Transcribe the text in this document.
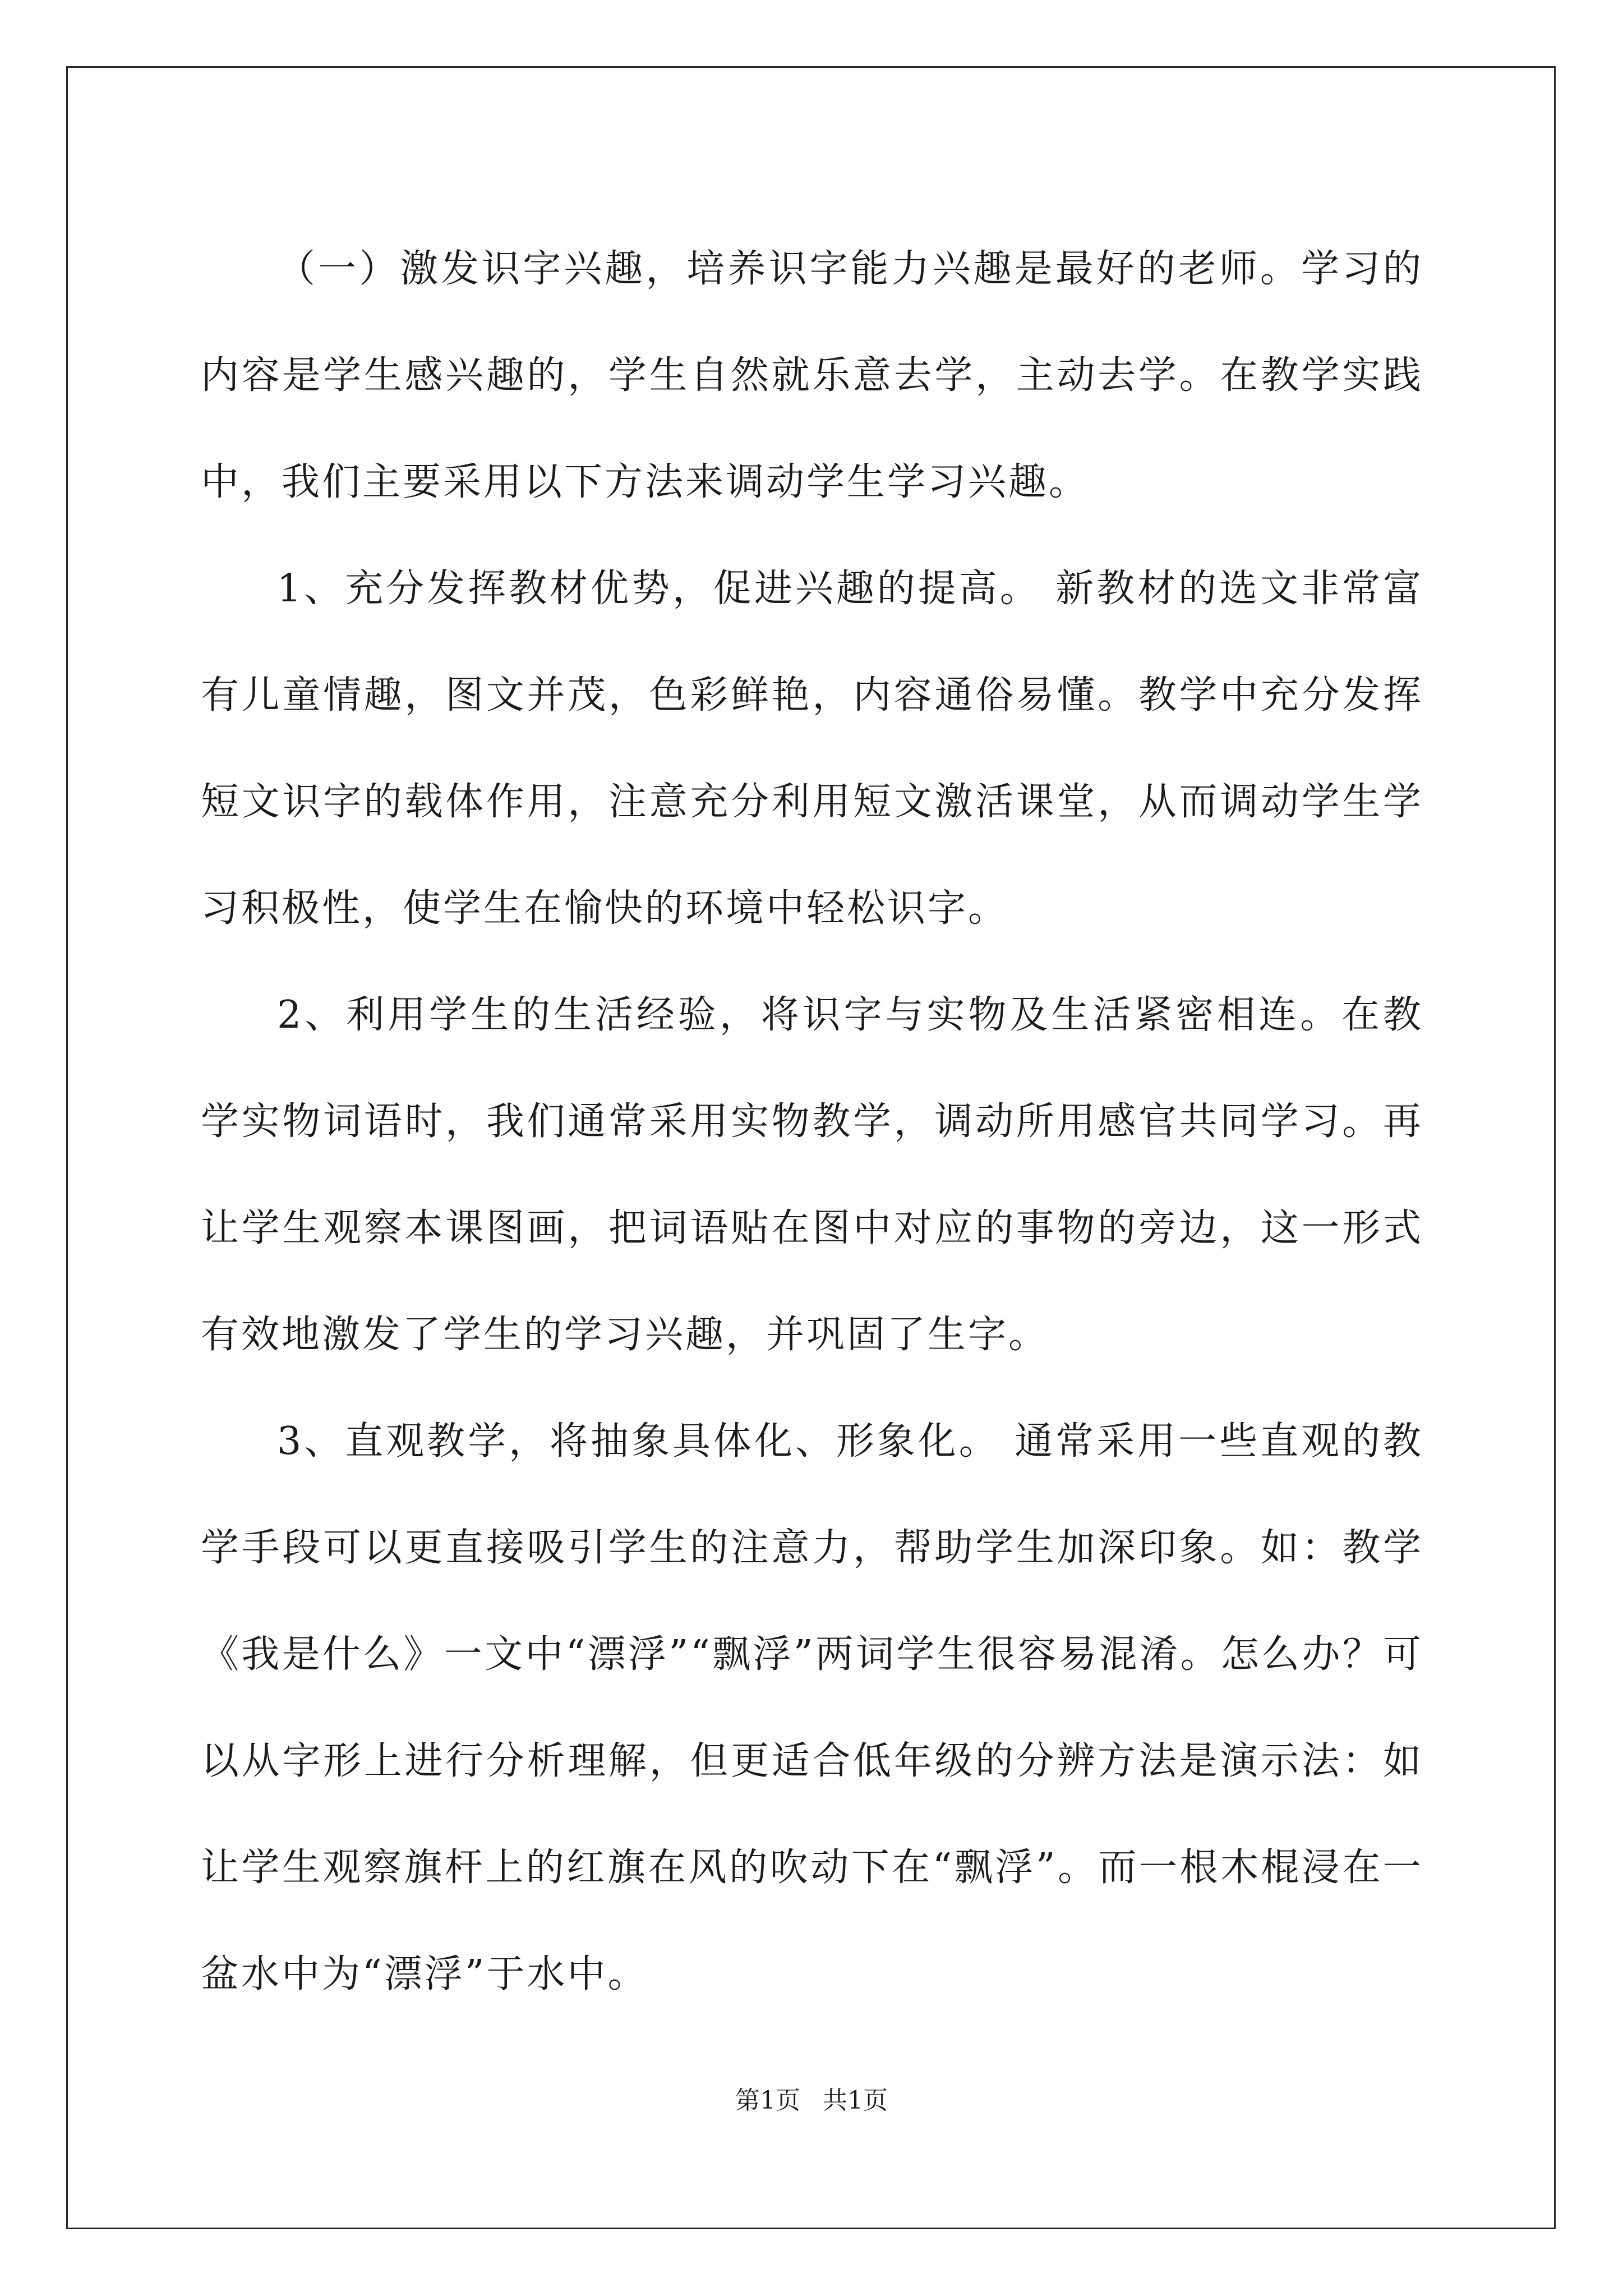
（一）激发识字兴趣，培养识字能力兴趣是最好的老师。学习的内容是学生感兴趣的，学生自然就乐意去学，主动去学。在教学实践中，我们主要采用以下方法来调动学生学习兴趣。

1、充分发挥教材优势，促进兴趣的提高。 新教材的选文非常富有儿童情趣，图文并茂，色彩鲜艳，内容通俗易懂。教学中充分发挥短文识字的载体作用，注意充分利用短文激活课堂，从而调动学生学习积极性，使学生在愉快的环境中轻松识字。

2、利用学生的生活经验，将识字与实物及生活紧密相连。在教学实物词语时，我们通常采用实物教学，调动所用感官共同学习。再让学生观察本课图画，把词语贴在图中对应的事物的旁边，这一形式有效地激发了学生的学习兴趣，并巩固了生字。

3、直观教学，将抽象具体化、形象化。 通常采用一些直观的教学手段可以更直接吸引学生的注意力，帮助学生加深印象。如：教学《我是什么》一文中“漂浮”“飘浮”两词学生很容易混淆。怎么办？可以从字形上进行分析理解，但更适合低年级的分辨方法是演示法：如让学生观察旗杆上的红旗在风的吹动下在“飘浮”。而一根木棍浸在一盆水中为“漂浮”于水中。

第1页 共1页
